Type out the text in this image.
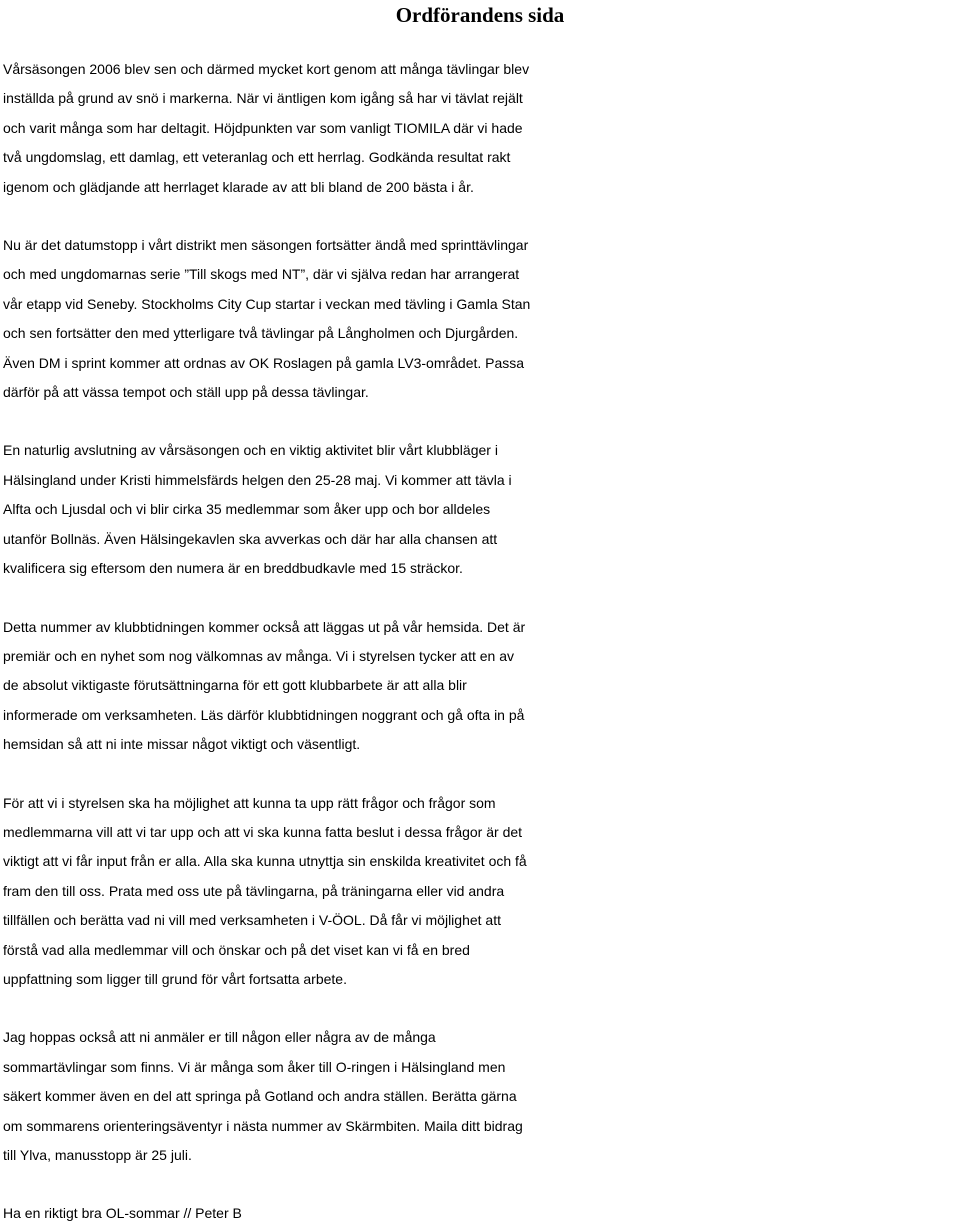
Ordförandens sida

Vårsäsongen 2006 blev sen och därmed mycket kort genom att många tävlingar blev
inställda på grund av snö i markerna. När vi äntligen kom igång så har vi tävlat rejält
och varit många som har deltagit. Höjdpunkten var som vanligt TIOMILA där vi hade
två ungdomslag, ett damlag, ett veteranlag och ett herrlag. Godkända resultat rakt
igenom och glädjande att herrlaget klarade av att bli bland de 200 bästa i år.

Nu är det datumstopp i vårt distrikt men säsongen fortsätter ändå med sprinttävlingar
och med ungdomarnas serie ”Till skogs med NT”, där vi själva redan har arrangerat
vår etapp vid Seneby. Stockholms City Cup startar i veckan med tävling i Gamla Stan
och sen fortsätter den med ytterligare två tävlingar på Långholmen och Djurgården.
Även DM i sprint kommer att ordnas av OK Roslagen på gamla LV3-området. Passa
därför på att vässa tempot och ställ upp på dessa tävlingar.

En naturlig avslutning av vårsäsongen och en viktig aktivitet blir vårt klubbläger i
Hälsingland under Kristi himmelsfärds helgen den 25-28 maj. Vi kommer att tävla i
Alfta och Ljusdal och vi blir cirka 35 medlemmar som åker upp och bor alldeles
utanför Bollnäs. Även Hälsingekavlen ska avverkas och där har alla chansen att
kvalificera sig eftersom den numera är en breddbudkavle med 15 sträckor.

Detta nummer av klubbtidningen kommer också att läggas ut på vår hemsida. Det är
premiär och en nyhet som nog välkomnas av många. Vi i styrelsen tycker att en av
de absolut viktigaste förutsättningarna för ett gott klubbarbete är att alla blir
informerade om verksamheten. Läs därför klubbtidningen noggrant och gå ofta in på
hemsidan så att ni inte missar något viktigt och väsentligt.

För att vi i styrelsen ska ha möjlighet att kunna ta upp rätt frågor och frågor som
medlemmarna vill att vi tar upp och att vi ska kunna fatta beslut i dessa frågor är det
viktigt att vi får input från er alla. Alla ska kunna utnyttja sin enskilda kreativitet och få
fram den till oss. Prata med oss ute på tävlingarna, på träningarna eller vid andra
tillfällen och berätta vad ni vill med verksamheten i V-ÖOL. Då får vi möjlighet att
förstå vad alla medlemmar vill och önskar och på det viset kan vi få en bred
uppfattning som ligger till grund för vårt fortsatta arbete.

Jag hoppas också att ni anmäler er till någon eller några av de många
sommartävlingar som finns. Vi är många som åker till O-ringen i Hälsingland men
säkert kommer även en del att springa på Gotland och andra ställen. Berätta gärna
om sommarens orienteringsäventyr i nästa nummer av Skärmbiten. Maila ditt bidrag
till Ylva, manusstopp är 25 juli.

Ha en riktigt bra OL-sommar // Peter B
